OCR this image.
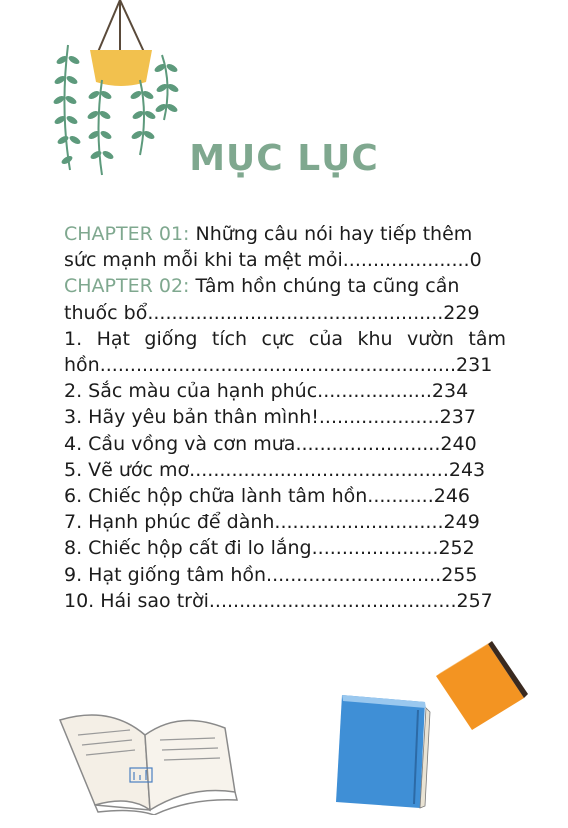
MỤC LỤC
CHAPTER 01: Những câu nói hay tiếp thêm
sức mạnh mỗi khi ta mệt mỏi.....................0
CHAPTER 02: Tâm hồn chúng ta cũng cần
thuốc bổ.................................................229
1. Hạt giống tích cực của khu vườn tâm
hồn...........................................................231
2. Sắc màu của hạnh phúc...................234
3. Hãy yêu bản thân mình!....................237
4. Cầu vồng và cơn mưa........................240
5. Vẽ ước mơ...........................................243
6. Chiếc hộp chữa lành tâm hồn...........246
7. Hạnh phúc để dành............................249
8. Chiếc hộp cất đi lo lắng.....................252
9. Hạt giống tâm hồn.............................255
10. Hái sao trời.........................................257
